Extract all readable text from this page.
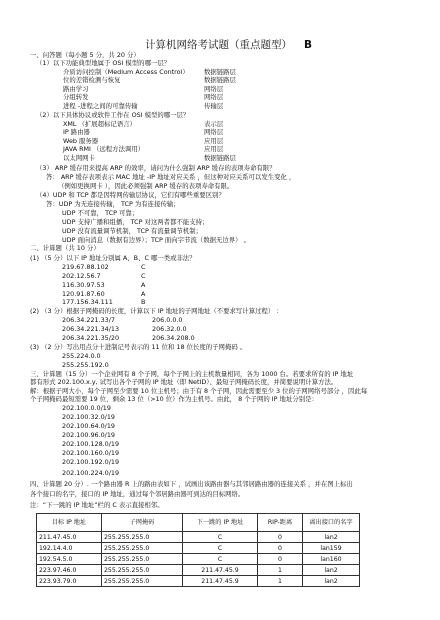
计算机网络考试题（重点题型） B
一、问答题（每小题 5 分，共 20 分）
（1）以下功能典型地属于 OSI 模型的哪一层？
介质访问控制（Medium Access Control） 数据链路层
位的差错检测与恢复	数据链路层
路由学习	网络层
分组转发	网络层
进程 -进程之间的可靠传输	传输层
（2）以下具体协议或软件工作在 OSI 模型的哪一层？
XML （扩展超标记语言）	表示层
IP 路由器	网络层
Web 服务器	应用层
JAVA RMI （远程方法调用）	应用层
以太网网卡	数据链路层
（3） ARP 缓存用来提高 ARP 的效率，请问为什么强制 ARP 缓存的表项寿命有限？
答： ARP 缓存表项表示 MAC 地址 -IP 地址对应关系 ，但这种对应关系可以发生变化 ，
（例如更换网卡 ），因此必须强制 ARP 缓存的表项寿命有限。
（4）UDP 和 TCP 都是因特网传输层协议，它们有哪些重要区别？
答：UDP 为无连接传输， TCP 为有连接传输；
UDP 不可靠， TCP 可靠；
UDP 支持广播和组播， TCP 对这两者都不能支持；
UDP 没有流量调节机制， TCP 有流量调节机制；
UDP 面向消息（数据有边界）；TCP 面向字节流（数据无边界） 。
二、计算题（共 10 分）
(1) （5 分）以下 IP 地址分别属 A、B、C 哪一类或非法？
219.67.88.102	C
202.12.56.7	C
116.30.97.53	A
120.91.87.60	A
177.156.34.111	B
(2) （3 分）根据子网掩码的长度，计算以下 IP 地址的子网地址（不要求写计算过程） ：
206.34.221.33/7	206.0.0.0
206.34.221.34/13	206.32.0.0
206.34.221.35/20	206.34.208.0
(3) （2 分）写出用点分十进制记号表示的 11 位和 18 位长度的子网掩码 。
255.224.0.0
255.255.192.0
三、计算题（15 分）一个企业网有 8 个子网，每个子网上的主机数量相同，各为 1000 台。若要求所有的 IP 地址
都有形式 202.100.x.y, 试写出各个子网的 IP 地址（即 NetID）、最短子网掩码长度，并简要说明计算方法。
解：根据子网大小，每个子网至少需要 10 位主机号；由于有 8 个子网，因此需要至少 3 位的子网网络号部分 ，因此每
个子网掩码最短需要 19 位，剩余 13 位（>10 位）作为主机号。由此， 8 个子网的 IP 地址分别是：
202.100.0.0/19
202.100.32.0/19
202.100.64.0/19
202.100.96.0/19
202.100.128.0/19
202.100.160.0/19
202.100.192.0/19
202.100.224.0/19
四、计算题 20 分）. 一个路由器 R 上的路由表如下 ，试画出该路由器与其邻居路由器的连接关系 ，并在图上标出
各个接口的名字，接口的 IP 地址，通过每个邻居路由器可到达的目标网络。
注：“下一跳的 IP 地址”栏的 C 表示直接相邻。
目标 IP 地址	子网掩码	下一跳的 IP 地址	RIP-距离	离出接口的名字
211.47.45.0	255.255.255.0	C	0	lan2
192.14.4.0	255.255.255.0	C	0	lan159
192.54.5.0	255.255.255.0	C	0	lan160
223.97.46.0	255.255.255.0	211.47.45.9	1	lan2
223.93.79.0	255.255.255.0	211.47.45.9	1	lan2
